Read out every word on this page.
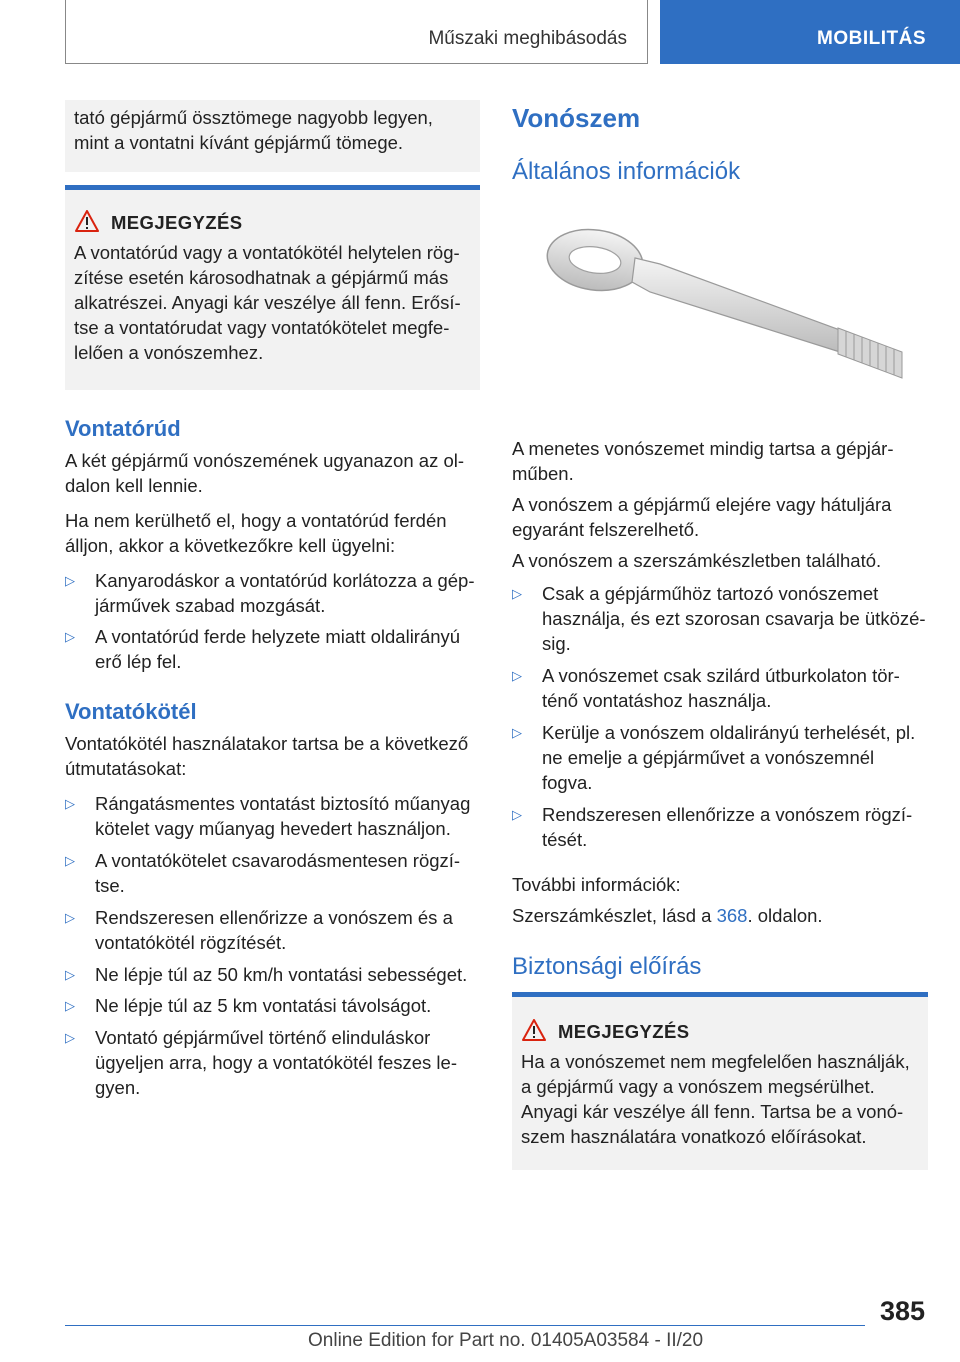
Műszaki meghibásodás	MOBILITÁS
tató gépjármű össztömege nagyobb legyen,
mint a vontatni kívánt gépjármű tömege.
MEGJEGYZÉS
A vontatórúd vagy a vontatókötél helytelen rög-
zítése esetén károsodhatnak a gépjármű más
alkatrészei. Anyagi kár veszélye áll fenn. Erősí-
tse a vontatórudat vagy vontatókötelet megfe-
lelően a vonószemhez.
Vontatórúd
A két gépjármű vonószemének ugyanazon az ol-
dalon kell lennie.
Ha nem kerülhető el, hogy a vontatórúd ferdén
álljon, akkor a következőkre kell ügyelni:
▷ Kanyarodáskor a vontatórúd korlátozza a gép-
járművek szabad mozgását.
▷ A vontatórúd ferde helyzete miatt oldalirányú
erő lép fel.
Vontatókötél
Vontatókötél használatakor tartsa be a következő
útmutatásokat:
▷ Rángatásmentes vontatást biztosító műanyag
kötelet vagy műanyag hevedert használjon.
▷ A vontatókötelet csavarodásmentesen rögzí-
tse.
▷ Rendszeresen ellenőrizze a vonószem és a
vontatókötél rögzítését.
▷ Ne lépje túl az 50 km/h vontatási sebességet.
▷ Ne lépje túl az 5 km vontatási távolságot.
▷ Vontató gépjárművel történő elinduláskor
ügyeljen arra, hogy a vontatókötél feszes le-
gyen.
Vonószem
Általános információk
A menetes vonószemet mindig tartsa a gépjár-
műben.
A vonószem a gépjármű elejére vagy hátuljára
egyaránt felszerelhető.
A vonószem a szerszámkészletben található.
▷ Csak a gépjárműhöz tartozó vonószemet
használja, és ezt szorosan csavarja be ütközé-
sig.
▷ A vonószemet csak szilárd útburkolaton tör-
ténő vontatáshoz használja.
▷ Kerülje a vonószem oldalirányú terhelését, pl.
ne emelje a gépjárművet a vonószemnél
fogva.
▷ Rendszeresen ellenőrizze a vonószem rögzí-
tését.
További információk:
Szerszámkészlet, lásd a 368. oldalon.
Biztonsági előírás
MEGJEGYZÉS
Ha a vonószemet nem megfelelően használják,
a gépjármű vagy a vonószem megsérülhet.
Anyagi kár veszélye áll fenn. Tartsa be a vonó-
szem használatára vonatkozó előírásokat.
385
Online Edition for Part no. 01405A03584 - II/20
